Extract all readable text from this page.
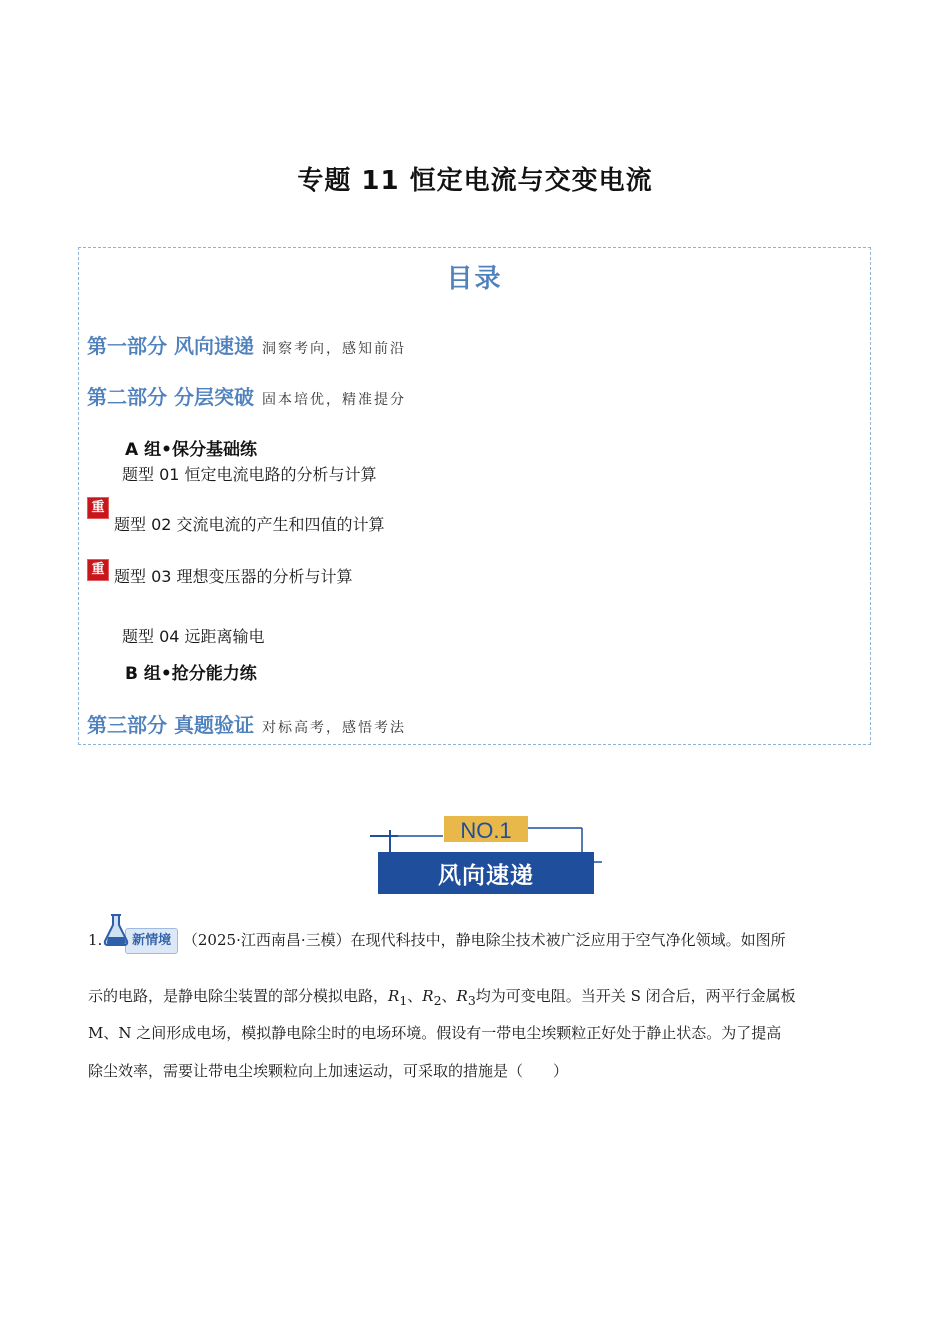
专题 11 恒定电流与交变电流
目录
第一部分 风向速递 洞察考向，感知前沿
第二部分 分层突破 固本培优，精准提分
A 组•保分基础练
题型 01 恒定电流电路的分析与计算
重
题型 02 交流电流的产生和四值的计算
重 题型 03 理想变压器的分析与计算
题型 04 远距离输电
B 组•抢分能力练
第三部分 真题验证 对标高考，感悟考法
NO.1
风向速递
1. 新情境 （2025·江西南昌·三模）在现代科技中，静电除尘技术被广泛应用于空气净化领域。如图所
示的电路，是静电除尘装置的部分模拟电路，$R_1$、$R_2$、$R_3$均为可变电阻。当开关 S 闭合后，两平行金属板
M、N 之间形成电场，模拟静电除尘时的电场环境。假设有一带电尘埃颗粒正好处于静止状态。为了提高
除尘效率，需要让带电尘埃颗粒向上加速运动，可采取的措施是（　　）
